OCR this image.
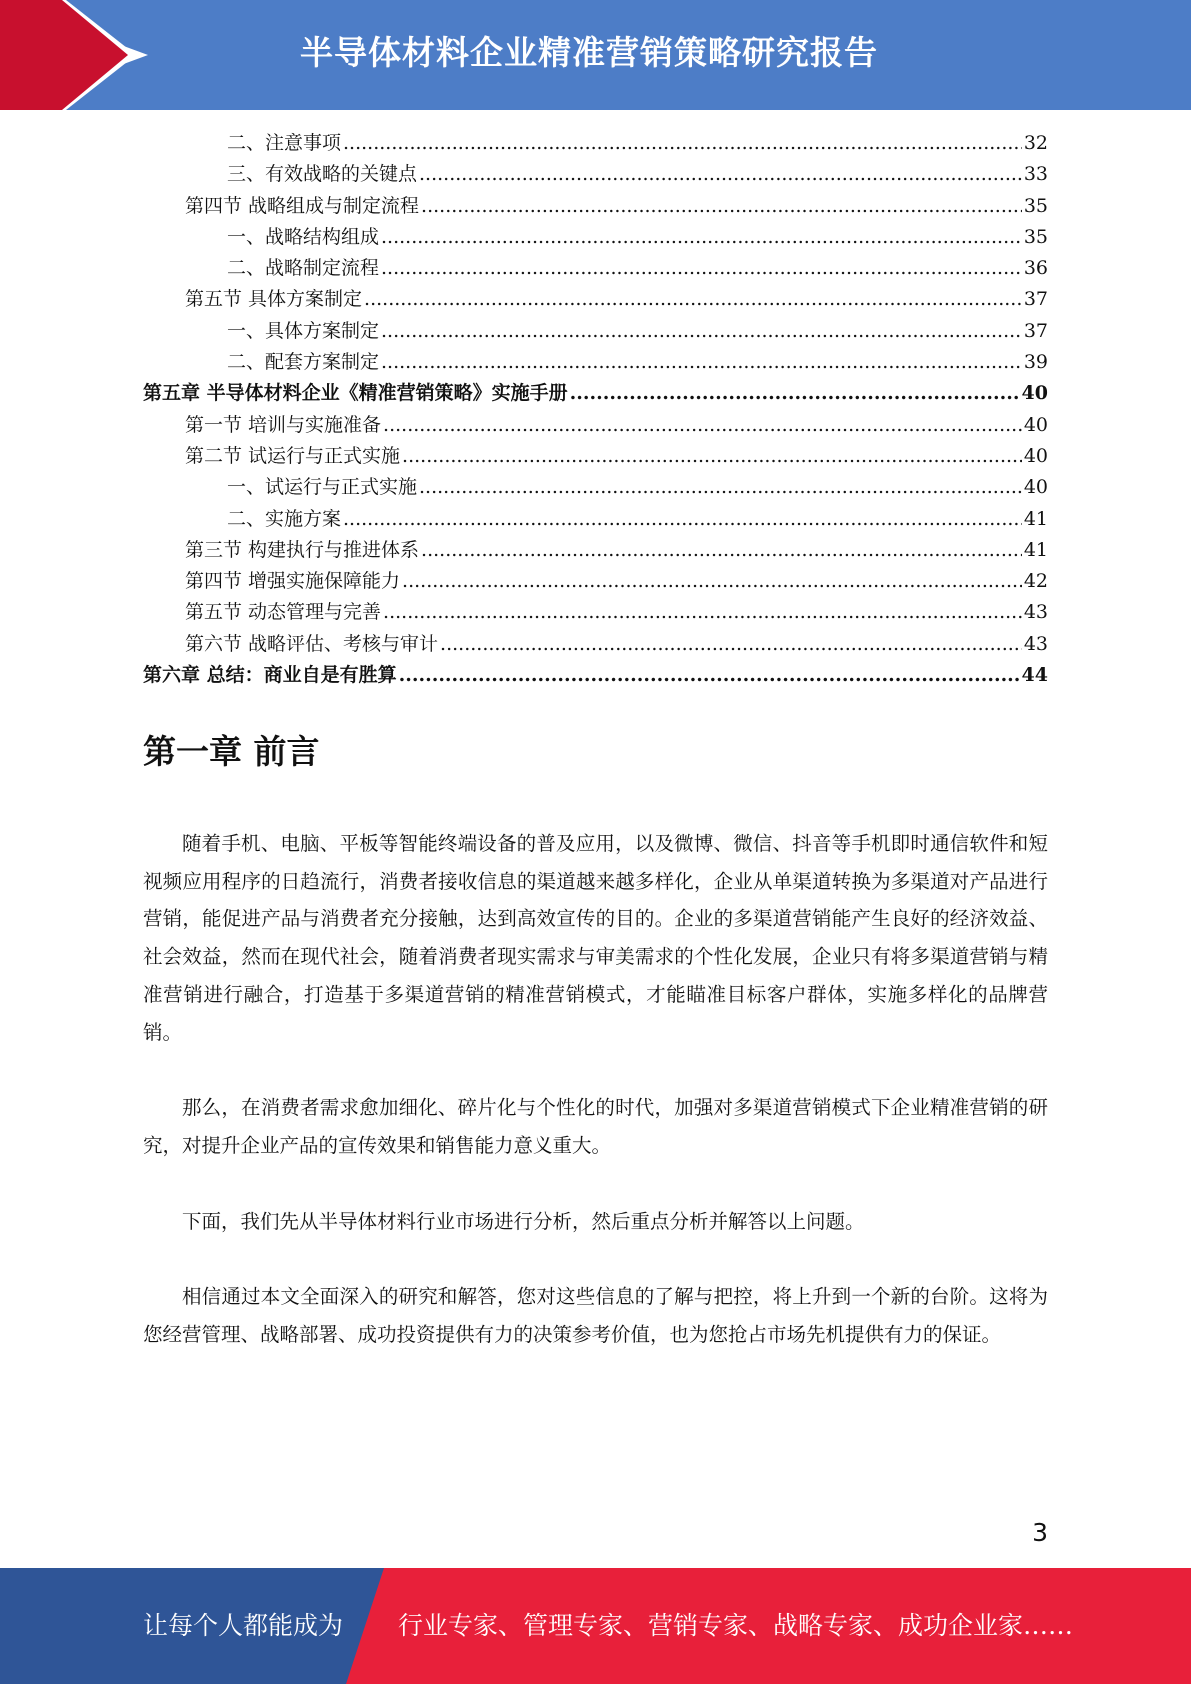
半导体材料企业精准营销策略研究报告
二、注意事项 .....	32
三、有效战略的关键点 .....	33
第四节 战略组成与制定流程 .....	35
一、战略结构组成 .....	35
二、战略制定流程 .....	36
第五节 具体方案制定 .....	37
一、具体方案制定 .....	37
二、配套方案制定 .....	39
第五章 半导体材料企业《精准营销策略》实施手册 .....	40
第一节 培训与实施准备 .....	40
第二节 试运行与正式实施 .....	40
一、试运行与正式实施 .....	40
二、实施方案 .....	41
第三节 构建执行与推进体系 .....	41
第四节 增强实施保障能力 .....	42
第五节 动态管理与完善 .....	43
第六节 战略评估、考核与审计 .....	43
第六章 总结：商业自是有胜算 .....	44
第一章 前言

随着手机、电脑、平板等智能终端设备的普及应用，以及微博、微信、抖音等手机即时通信软件和短视频应用程序的日趋流行，消费者接收信息的渠道越来越多样化，企业从单渠道转换为多渠道对产品进行营销，能促进产品与消费者充分接触，达到高效宣传的目的。企业的多渠道营销能产生良好的经济效益、社会效益，然而在现代社会，随着消费者现实需求与审美需求的个性化发展，企业只有将多渠道营销与精准营销进行融合，打造基于多渠道营销的精准营销模式，才能瞄准目标客户群体，实施多样化的品牌营销。

那么，在消费者需求愈加细化、碎片化与个性化的时代，加强对多渠道营销模式下企业精准营销的研究，对提升企业产品的宣传效果和销售能力意义重大。

下面，我们先从半导体材料行业市场进行分析，然后重点分析并解答以上问题。

相信通过本文全面深入的研究和解答，您对这些信息的了解与把控，将上升到一个新的台阶。这将为您经营管理、战略部署、成功投资提供有力的决策参考价值，也为您抢占市场先机提供有力的保证。

3
让每个人都能成为 行业专家、管理专家、营销专家、战略专家、成功企业家……
